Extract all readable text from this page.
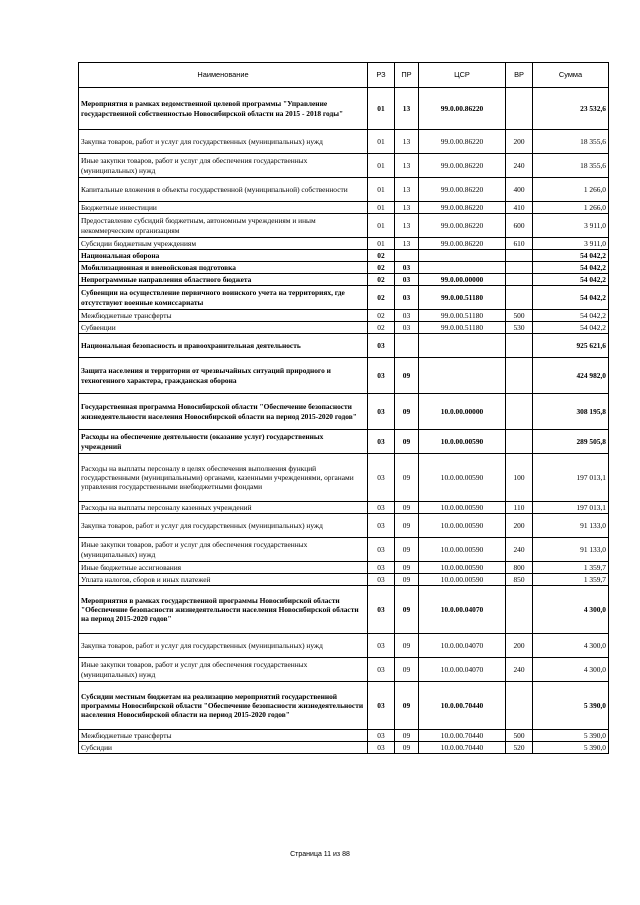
Наименование	РЗ	ПР	ЦСР	ВР	Сумма
Мероприятия в рамках ведомственной целевой программы "Управление государственной собственностью Новосибирской области на 2015 - 2018 годы"	01	13	99.0.00.86220		23 532,6
Закупка товаров, работ и услуг для государственных (муниципальных) нужд	01	13	99.0.00.86220	200	18 355,6
Иные закупки товаров, работ и услуг для обеспечения государственных (муниципальных) нужд	01	13	99.0.00.86220	240	18 355,6
Капитальные вложения в объекты государственной (муниципальной) собственности	01	13	99.0.00.86220	400	1 266,0
Бюджетные инвестиции	01	13	99.0.00.86220	410	1 266,0
Предоставление субсидий бюджетным, автономным учреждениям и иным некоммерческим организациям	01	13	99.0.00.86220	600	3 911,0
Субсидии бюджетным учреждениям	01	13	99.0.00.86220	610	3 911,0
Национальная оборона	02				54 042,2
Мобилизационная и вневойсковая подготовка	02	03			54 042,2
Непрограммные направления областного бюджета	02	03	99.0.00.00000		54 042,2
Субвенции на осуществление первичного воинского учета на территориях, где отсутствуют военные комиссариаты	02	03	99.0.00.51180		54 042,2
Межбюджетные трансферты	02	03	99.0.00.51180	500	54 042,2
Субвенции	02	03	99.0.00.51180	530	54 042,2
Национальная безопасность и правоохранительная деятельность	03				925 621,6
Защита населения и территории от чрезвычайных ситуаций природного и техногенного характера, гражданская оборона	03	09			424 982,0
Государственная программа Новосибирской области "Обеспечение безопасности жизнедеятельности населения Новосибирской области на период 2015-2020 годов"	03	09	10.0.00.00000		308 195,8
Расходы на обеспечение деятельности (оказание услуг) государственных учреждений	03	09	10.0.00.00590		289 505,8
Расходы на выплаты персоналу в целях обеспечения выполнения функций государственными (муниципальными) органами, казенными учреждениями, органами управления государственными внебюджетными фондами	03	09	10.0.00.00590	100	197 013,1
Расходы на выплаты персоналу казенных учреждений	03	09	10.0.00.00590	110	197 013,1
Закупка товаров, работ и услуг для государственных (муниципальных) нужд	03	09	10.0.00.00590	200	91 133,0
Иные закупки товаров, работ и услуг для обеспечения государственных (муниципальных) нужд	03	09	10.0.00.00590	240	91 133,0
Иные бюджетные ассигнования	03	09	10.0.00.00590	800	1 359,7
Уплата налогов, сборов и иных платежей	03	09	10.0.00.00590	850	1 359,7
Мероприятия в рамках государственной программы Новосибирской области "Обеспечение безопасности жизнедеятельности населения Новосибирской области на период 2015-2020 годов"	03	09	10.0.00.04070		4 300,0
Закупка товаров, работ и услуг для государственных (муниципальных) нужд	03	09	10.0.00.04070	200	4 300,0
Иные закупки товаров, работ и услуг для обеспечения государственных (муниципальных) нужд	03	09	10.0.00.04070	240	4 300,0
Субсидии местным бюджетам на реализацию мероприятий государственной программы Новосибирской области "Обеспечение безопасности жизнедеятельности населения Новосибирской области на период 2015-2020 годов"	03	09	10.0.00.70440		5 390,0
Межбюджетные трансферты	03	09	10.0.00.70440	500	5 390,0
Субсидии	03	09	10.0.00.70440	520	5 390,0
Страница 11 из 88
